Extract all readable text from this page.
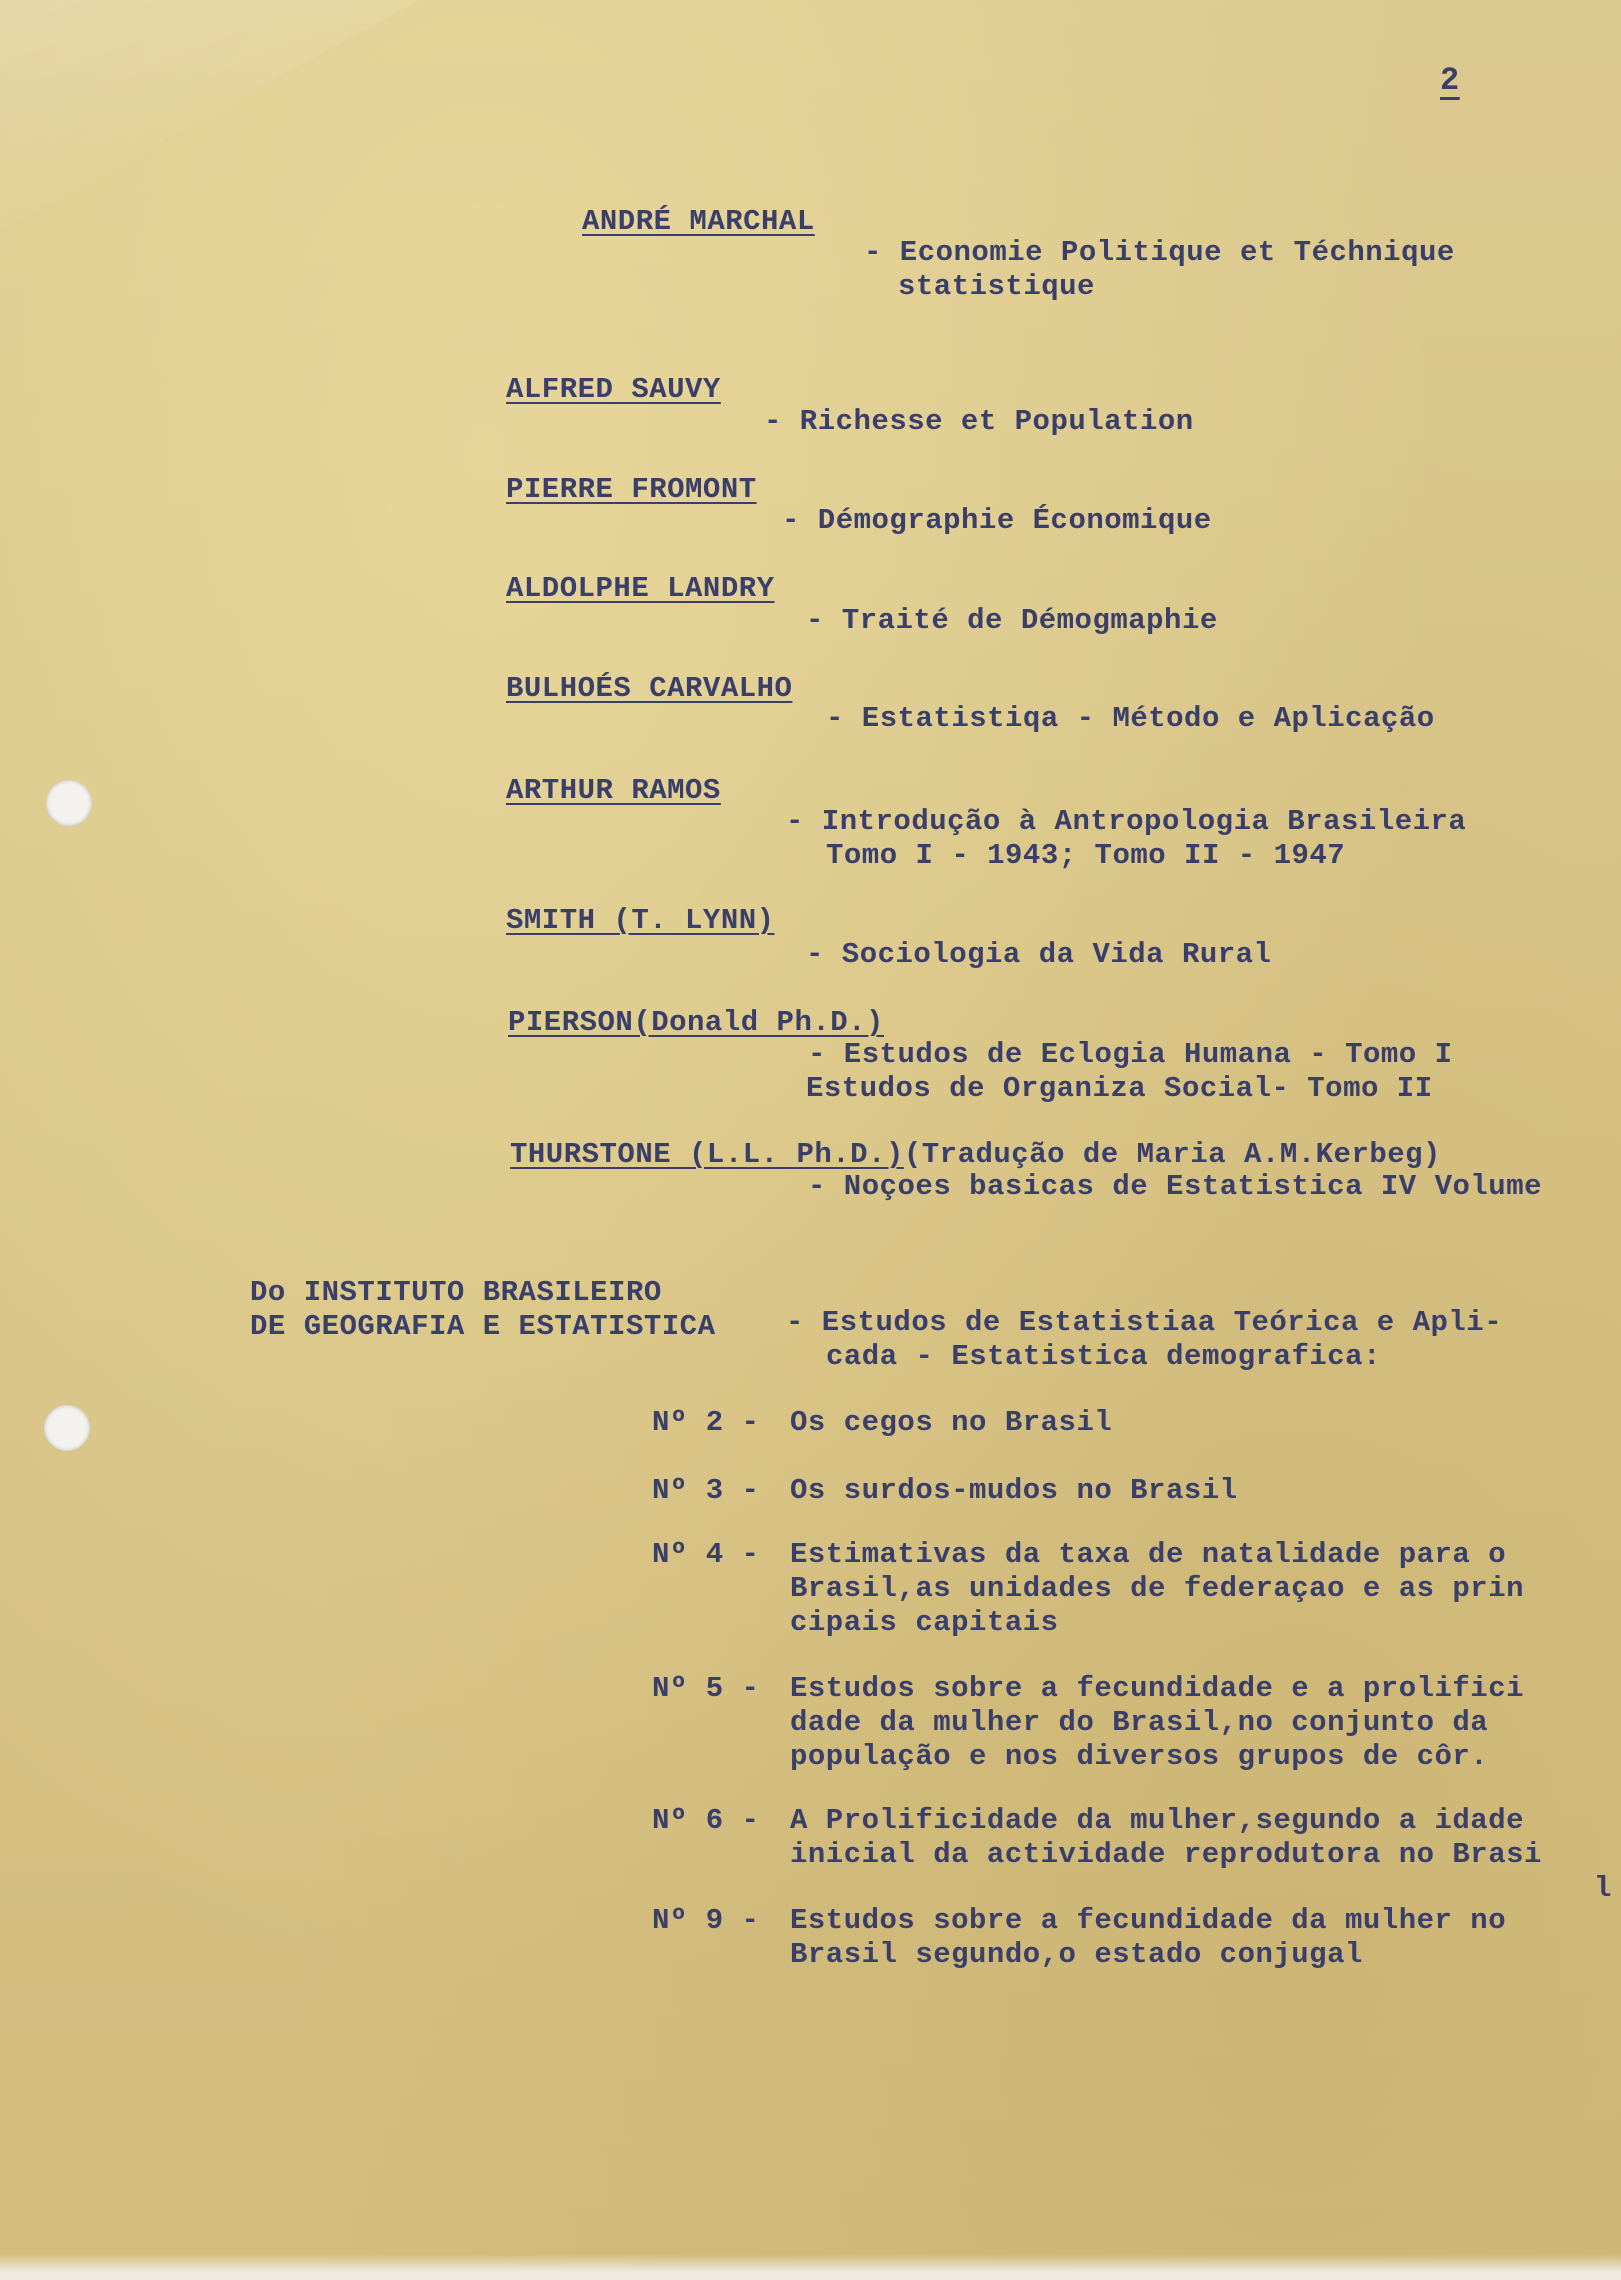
2
ANDRÉ MARCHAL
- Economie Politique et Téchnique
statistique
ALFRED SAUVY
- Richesse et Population
PIERRE FROMONT
- Démographie Économique
ALDOLPHE LANDRY
- Traité de Démogmaphie
BULHOÉS CARVALHO
- Estatistiqa - Método e Aplicação
ARTHUR RAMOS
- Introdução à Antropologia Brasileira
Tomo I - 1943; Tomo II - 1947
SMITH (T. LYNN)
- Sociologia da Vida Rural
PIERSON(Donald Ph.D.)
- Estudos de Eclogia Humana - Tomo I
Estudos de Organiza Social- Tomo II
THURSTONE (L.L. Ph.D.)(Tradução de Maria A.M.Kerbeg)
- Noçoes basicas de Estatistica IV Volume
Do INSTITUTO BRASILEIRO
DE GEOGRAFIA E ESTATISTICA - Estudos de Estatistiaa Teórica e Apli-
cada - Estatistica demografica:
Nº 2 - Os cegos no Brasil
Nº 3 - Os surdos-mudos no Brasil
Nº 4 - Estimativas da taxa de natalidade para o
Brasil,as unidades de federaçao e as prin
cipais capitais
Nº 5 - Estudos sobre a fecundidade e a prolifici
dade da mulher do Brasil,no conjunto da
população e nos diversos grupos de côr.
Nº 6 - A Prolificidade da mulher,segundo a idade
inicial da actividade reprodutora no Brasi
l
Nº 9 - Estudos sobre a fecundidade da mulher no
Brasil segundo,o estado conjugal
